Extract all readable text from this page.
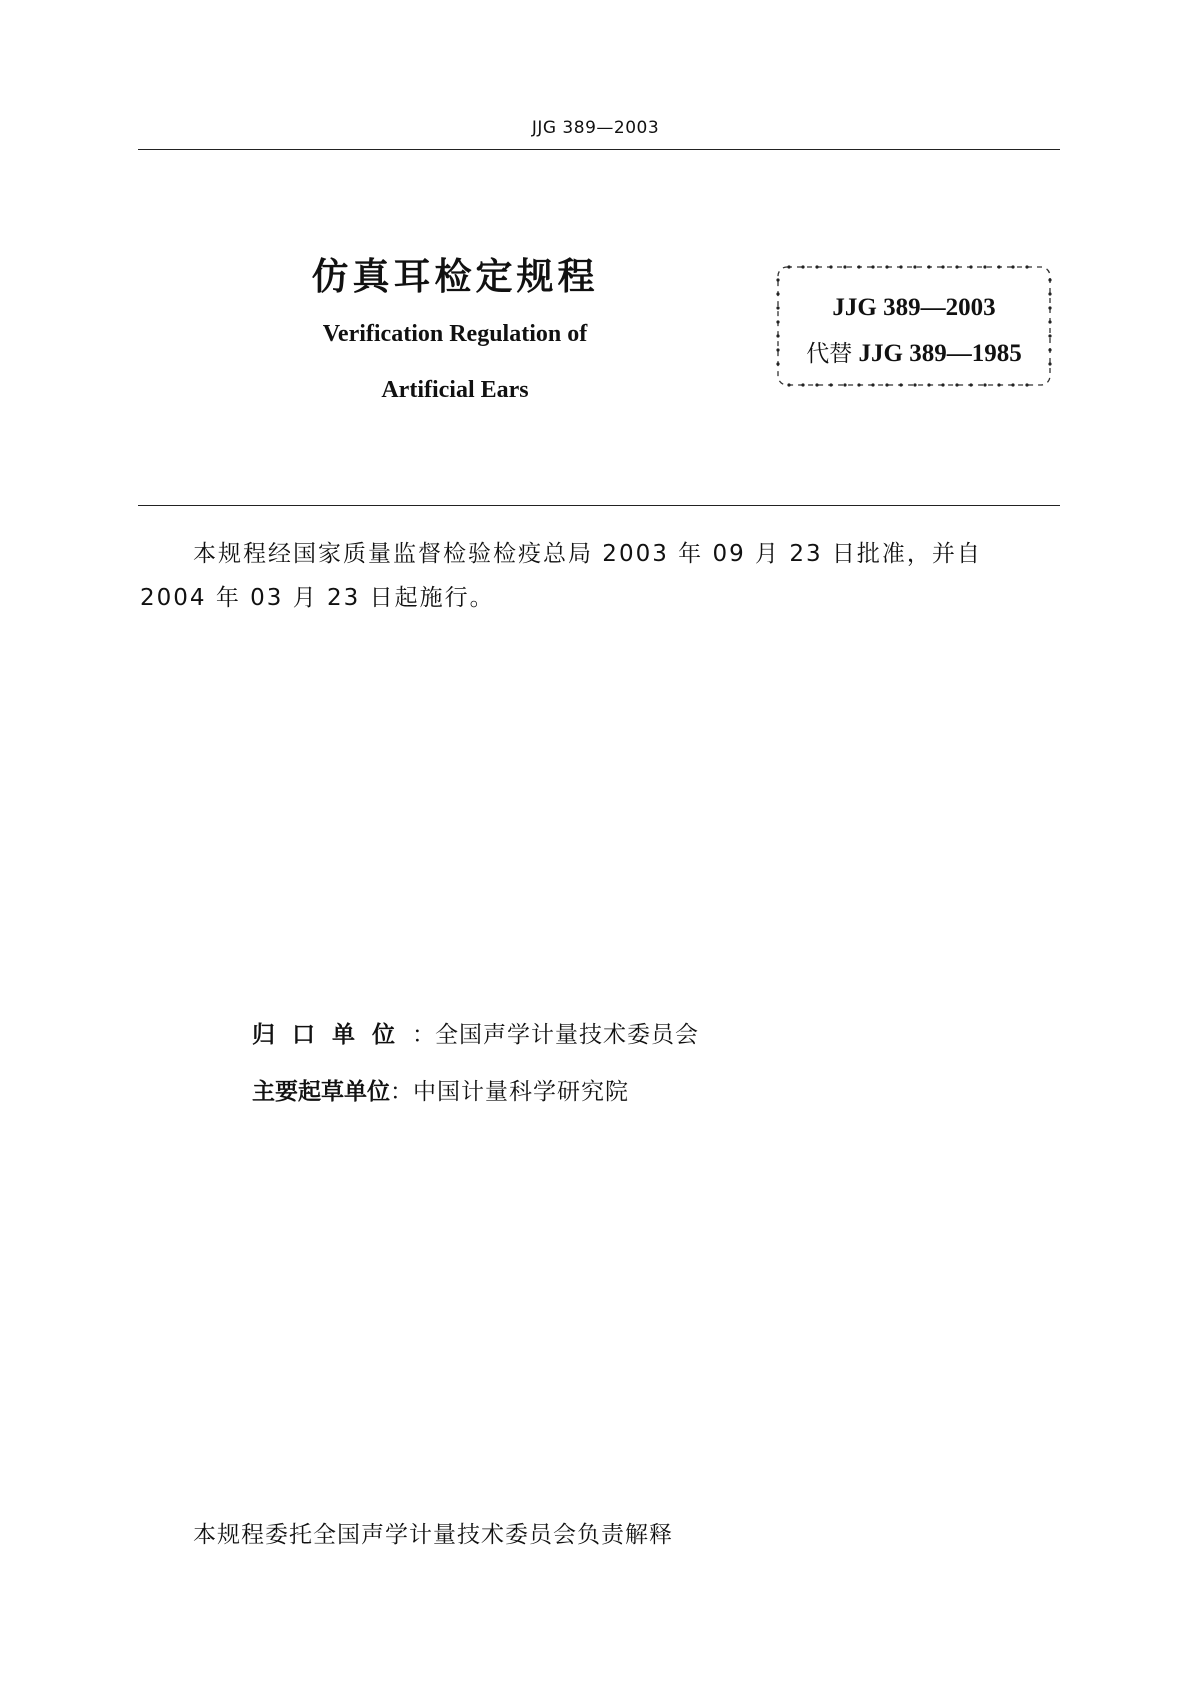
JJG 389—2003
仿真耳检定规程
Verification Regulation of
Artificial Ears
JJG 389—2003
代替 JJG 389—1985
本规程经国家质量监督检验检疫总局 2003 年 09 月 23 日批准，并自
2004 年 03 月 23 日起施行。
归口单位：全国声学计量技术委员会
主要起草单位：中国计量科学研究院
本规程委托全国声学计量技术委员会负责解释
